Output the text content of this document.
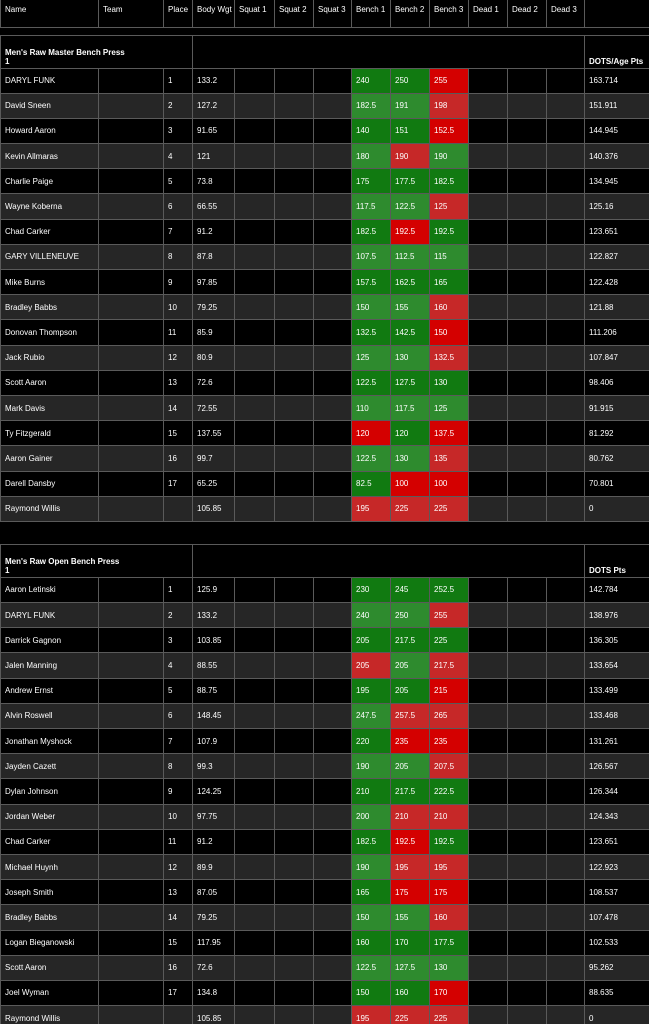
Name	Team	Place	Body Wgt	Squat 1	Squat 2	Squat 3	Bench 1	Bench 2	Bench 3	Dead 1	Dead 2	Dead 3	

Men's Raw Master Bench Press
1													DOTS/Age Pts
DARYL FUNK		1	133.2				240	250	255				163.714
David Sneen		2	127.2				182.5	191	198				151.911
Howard Aaron		3	91.65				140	151	152.5				144.945
Kevin Allmaras		4	121				180	190	190				140.376
Charlie Paige		5	73.8				175	177.5	182.5				134.945
Wayne Koberna		6	66.55				117.5	122.5	125				125.16
Chad Carker		7	91.2				182.5	192.5	192.5				123.651
GARY VILLENEUVE		8	87.8				107.5	112.5	115				122.827
Mike Burns		9	97.85				157.5	162.5	165				122.428
Bradley Babbs		10	79.25				150	155	160				121.88
Donovan Thompson		11	85.9				132.5	142.5	150				111.206
Jack Rubio		12	80.9				125	130	132.5				107.847
Scott Aaron		13	72.6				122.5	127.5	130				98.406
Mark Davis		14	72.55				110	117.5	125				91.915
Ty Fitzgerald		15	137.55				120	120	137.5				81.292
Aaron Gainer		16	99.7				122.5	130	135				80.762
Darell Dansby		17	65.25				82.5	100	100				70.801
Raymond Willis			105.85				195	225	225				0

Men's Raw Open Bench Press
1													DOTS Pts
Aaron Letinski		1	125.9				230	245	252.5				142.784
DARYL FUNK		2	133.2				240	250	255				138.976
Darrick Gagnon		3	103.85				205	217.5	225				136.305
Jalen Manning		4	88.55				205	205	217.5				133.654
Andrew Ernst		5	88.75				195	205	215				133.499
Alvin Roswell		6	148.45				247.5	257.5	265				133.468
Jonathan Myshock		7	107.9				220	235	235				131.261
Jayden Cazett		8	99.3				190	205	207.5				126.567
Dylan Johnson		9	124.25				210	217.5	222.5				126.344
Jordan Weber		10	97.75				200	210	210				124.343
Chad Carker		11	91.2				182.5	192.5	192.5				123.651
Michael Huynh		12	89.9				190	195	195				122.923
Joseph Smith		13	87.05				165	175	175				108.537
Bradley Babbs		14	79.25				150	155	160				107.478
Logan Bieganowski		15	117.95				160	170	177.5				102.533
Scott Aaron		16	72.6				122.5	127.5	130				95.262
Joel Wyman		17	134.8				150	160	170				88.635
Raymond Willis			105.85				195	225	225				0
